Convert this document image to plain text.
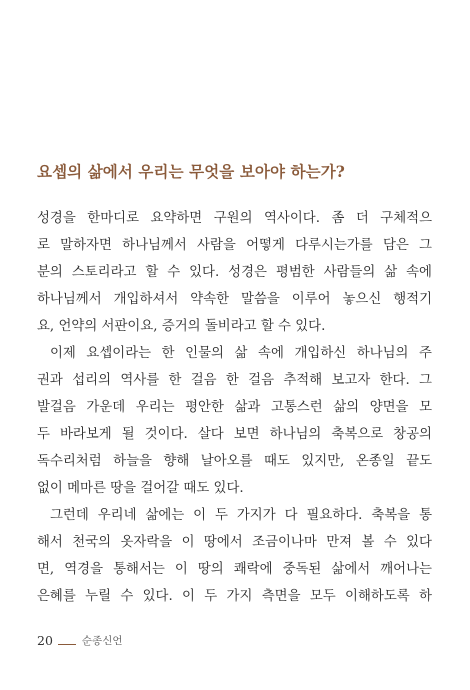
요셉의 삶에서 우리는 무엇을 보아야 하는가?
성경을 한마디로 요약하면 구원의 역사이다. 좀 더 구체적으
로 말하자면 하나님께서 사람을 어떻게 다루시는가를 담은 그
분의 스토리라고 할 수 있다. 성경은 평범한 사람들의 삶 속에
하나님께서 개입하셔서 약속한 말씀을 이루어 놓으신 행적기
요, 언약의 서판이요, 증거의 돌비라고 할 수 있다.
이제 요셉이라는 한 인물의 삶 속에 개입하신 하나님의 주
권과 섭리의 역사를 한 걸음 한 걸음 추적해 보고자 한다. 그
발걸음 가운데 우리는 평안한 삶과 고통스런 삶의 양면을 모
두 바라보게 될 것이다. 살다 보면 하나님의 축복으로 창공의
독수리처럼 하늘을 향해 날아오를 때도 있지만, 온종일 끝도
없이 메마른 땅을 걸어갈 때도 있다.
그런데 우리네 삶에는 이 두 가지가 다 필요하다. 축복을 통
해서 천국의 옷자락을 이 땅에서 조금이나마 만져 볼 수 있다
면, 역경을 통해서는 이 땅의 쾌락에 중독된 삶에서 깨어나는
은혜를 누릴 수 있다. 이 두 가지 측면을 모두 이해하도록 하
20	순종신언
